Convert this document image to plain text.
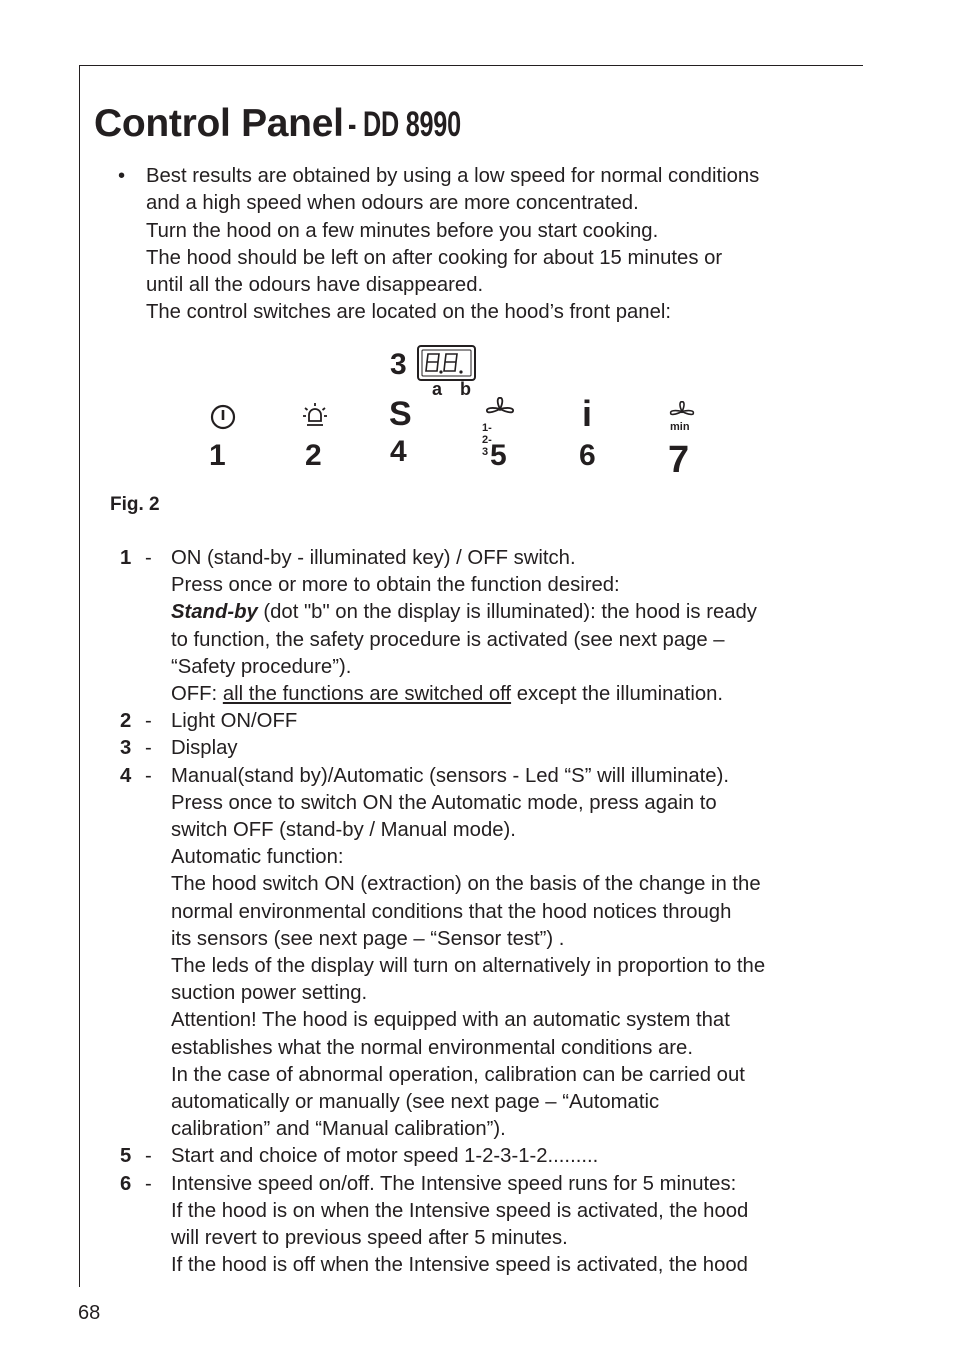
Control Panel- DD 8990
• Best results are obtained by using a low speed for normal conditions
and a high speed when odours are more concentrated.
Turn the hood on a few minutes before you start cooking.
The hood should be left on after cooking for about 15 minutes or
until all the odours have disappeared.
The control switches are located on the hood’s front panel:
3
a b
1	2
S
4
1-2-3 5
i
6
min
7
Fig. 2
1 - ON (stand-by - illuminated key) / OFF switch.
Press once or more to obtain the function desired:
Stand-by (dot "b" on the display is illuminated): the hood is ready
to function, the safety procedure is activated (see next page –
“Safety procedure”).
OFF: all the functions are switched off except the illumination.
2 - Light ON/OFF
3 - Display
4 - Manual(stand by)/Automatic (sensors - Led “S” will illuminate).
Press once to switch ON the Automatic mode, press again to
switch OFF (stand-by / Manual mode).
Automatic function:
The hood switch ON (extraction) on the basis of the change in the
normal environmental conditions that the hood notices through
its sensors (see next page – “Sensor test”) .
The leds of the display will turn on alternatively in proportion to the
suction power setting.
Attention! The hood is equipped with an automatic system that
establishes what the normal environmental conditions are.
In the case of abnormal operation, calibration can be carried out
automatically or manually (see next page – “Automatic
calibration” and “Manual calibration”).
5 - Start and choice of motor speed 1-2-3-1-2.........
6 - Intensive speed on/off. The Intensive speed runs for 5 minutes:
If the hood is on when the Intensive speed is activated, the hood
will revert to previous speed after 5 minutes.
If the hood is off when the Intensive speed is activated, the hood
68
